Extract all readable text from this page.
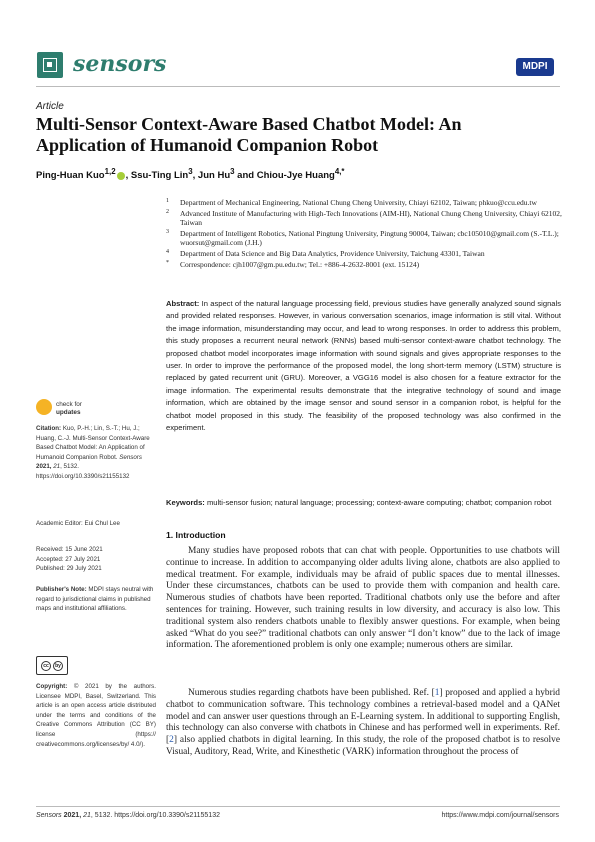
sensors	MDPI
Article
Multi-Sensor Context-Aware Based Chatbot Model: An Application of Humanoid Companion Robot
Ping-Huan Kuo$^{1,2}$ , Ssu-Ting Lin$^3$, Jun Hu$^3$ and Chiou-Jye Huang$^{4,*}$
1 Department of Mechanical Engineering, National Chung Cheng University, Chiayi 62102, Taiwan; phkuo@ccu.edu.tw
2 Advanced Institute of Manufacturing with High-Tech Innovations (AIM-HI), National Chung Cheng University, Chiayi 62102, Taiwan
3 Department of Intelligent Robotics, National Pingtung University, Pingtung 90004, Taiwan; cbc105010@gmail.com (S.-T.L.); wuorsut@gmail.com (J.H.)
4 Department of Data Science and Big Data Analytics, Providence University, Taichung 43301, Taiwan
* Correspondence: cjh1007@gm.pu.edu.tw; Tel.: +886-4-2632-8001 (ext. 15124)
Abstract: In aspect of the natural language processing field, previous studies have generally analyzed sound signals and provided related responses. However, in various conversation scenarios, image information is still vital. Without the image information, misunderstanding may occur, and lead to wrong responses. In order to address this problem, this study proposes a recurrent neural network (RNNs) based multi-sensor context-aware chatbot technology. The proposed chatbot model incorporates image information with sound signals and gives appropriate responses to the user. In order to improve the performance of the proposed model, the long short-term memory (LSTM) structure is replaced by gated recurrent unit (GRU). Moreover, a VGG16 model is also chosen for a feature extractor for the image information. The experimental results demonstrate that the integrative technology of sound and image information, which are obtained by the image sensor and sound sensor in a companion robot, is helpful for the chatbot model proposed in this study. The feasibility of the proposed technology was also confirmed in the experiment.
Keywords: multi-sensor fusion; natural language; processing; context-aware computing; chatbot; companion robot
check for
updates
Citation: Kuo, P.-H.; Lin, S.-T.; Hu, J.; Huang, C.-J. Multi-Sensor Context-Aware Based Chatbot Model: An Application of Humanoid Companion Robot. Sensors 2021, 21, 5132. https://doi.org/10.3390/s21155132
Academic Editor: Eui Chul Lee
Received: 15 June 2021
Accepted: 27 July 2021
Published: 29 July 2021
Publisher's Note: MDPI stays neutral with regard to jurisdictional claims in published maps and institutional affiliations.
cc	by
Copyright: © 2021 by the authors. Licensee MDPI, Basel, Switzerland. This article is an open access article distributed under the terms and conditions of the Creative Commons Attribution (CC BY) license (https:// creativecommons.org/licenses/by/ 4.0/).
1. Introduction
Many studies have proposed robots that can chat with people. Opportunities to use chatbots will continue to increase. In addition to accompanying older adults living alone, chatbots are also applied to medical treatment. For example, individuals may be afraid of public spaces due to mental illnesses. Under these circumstances, chatbots can be used to provide them with companion and health care. Numerous studies of chatbots have been reported. Traditional chatbots only use the before and after sentences for training. However, such training results in low diversity, and accuracy is also low. This traditional system also renders chatbots unable to flexibly answer questions. For example, when being asked “What do you see?” traditional chatbots can only answer “I don’t know” due to the lack of image information. The aforementioned problem is only one example; numerous others are similar.
Numerous studies regarding chatbots have been published. Ref. [1] proposed and applied a hybrid chatbot to communication software. This technology combines a retrieval-based model and a QANet model and can answer user questions through an E-Learning system. In additional to supporting English, this technology can also converse with chatbots in Chinese and has performed well in experiments. Ref. [2] also applied chatbots in digital learning. In this study, the role of the proposed chatbot is to resolve Visual, Auditory, Read, Write, and Kinesthetic (VARK) information throughout the process of
Sensors 2021, 21, 5132. https://doi.org/10.3390/s21155132	https://www.mdpi.com/journal/sensors
